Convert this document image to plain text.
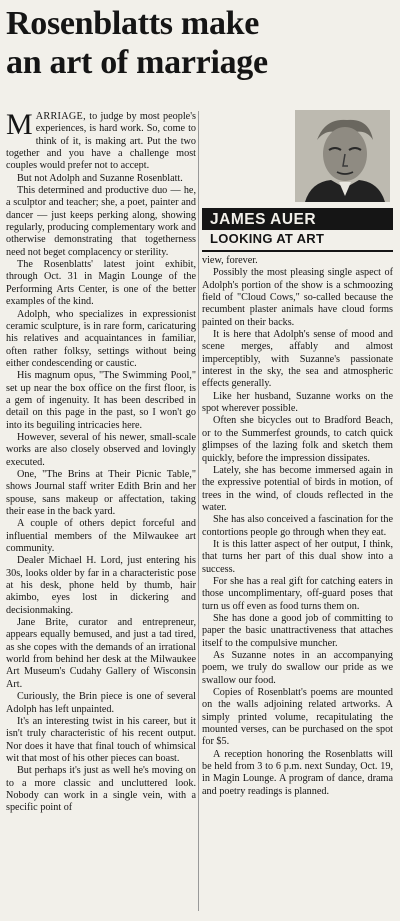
Rosenblatts make
an art of marriage

MARRIAGE, to judge by most people's experiences, is hard work. So, come to think of it, is making art. Put the two together and you have a challenge most couples would prefer not to accept.

But not Adolph and Suzanne Rosenblatt.

This determined and productive duo — he, a sculptor and teacher; she, a poet, painter and dancer — just keeps perking along, showing regularly, producing complementary work and otherwise demonstrating that togetherness need not beget complacency or sterility.

The Rosenblatts' latest joint exhibit, through Oct. 31 in Magin Lounge of the Performing Arts Center, is one of the better examples of the kind.

Adolph, who specializes in expressionist ceramic sculpture, is in rare form, caricaturing his relatives and acquaintances in familiar, often rather folksy, settings without being either condescending or caustic.

His magnum opus, "The Swimming Pool," set up near the box office on the first floor, is a gem of ingenuity. It has been described in detail on this page in the past, so I won't go into its beguiling intricacies here.

However, several of his newer, small-scale works are also closely observed and lovingly executed.

One, "The Brins at Their Picnic Table," shows Journal staff writer Edith Brin and her spouse, sans makeup or affectation, taking their ease in the back yard.

A couple of others depict forceful and influential members of the Milwaukee art community.

Dealer Michael H. Lord, just entering his 30s, looks older by far in a characteristic pose at his desk, phone held by thumb, hair akimbo, eyes lost in dickering and decisionmaking.

Jane Brite, curator and entrepreneur, appears equally bemused, and just a tad tired, as she copes with the demands of an irrational world from behind her desk at the Milwaukee Art Museum's Cudahy Gallery of Wisconsin Art.

Curiously, the Brin piece is one of several Adolph has left unpainted.

It's an interesting twist in his career, but it isn't truly characteristic of his recent output. Nor does it have that final touch of whimsical wit that most of his other pieces can boast.

But perhaps it's just as well he's moving on to a more classic and uncluttered look. Nobody can work in a single vein, with a specific point of

JAMES AUER
LOOKING AT ART

view, forever.

Possibly the most pleasing single aspect of Adolph's portion of the show is a schmoozing field of "Cloud Cows," so-called because the recumbent plaster animals have cloud forms painted on their backs.

It is here that Adolph's sense of mood and scene merges, affably and almost imperceptibly, with Suzanne's passionate interest in the sky, the sea and atmospheric effects generally.

Like her husband, Suzanne works on the spot wherever possible.

Often she bicycles out to Bradford Beach, or to the Summerfest grounds, to catch quick glimpses of the lazing folk and sketch them quickly, before the impression dissipates.

Lately, she has become immersed again in the expressive potential of birds in motion, of trees in the wind, of clouds reflected in the water.

She has also conceived a fascination for the contortions people go through when they eat.

It is this latter aspect of her output, I think, that turns her part of this dual show into a success.

For she has a real gift for catching eaters in those uncomplimentary, off-guard poses that turn us off even as food turns them on.

She has done a good job of committing to paper the basic unattractiveness that attaches itself to the compulsive muncher.

As Suzanne notes in an accompanying poem, we truly do swallow our pride as we swallow our food.

Copies of Rosenblatt's poems are mounted on the walls adjoining related artworks. A simply printed volume, recapitulating the mounted verses, can be purchased on the spot for $5.

A reception honoring the Rosenblatts will be held from 3 to 6 p.m. next Sunday, Oct. 19, in Magin Lounge. A program of dance, drama and poetry readings is planned.
